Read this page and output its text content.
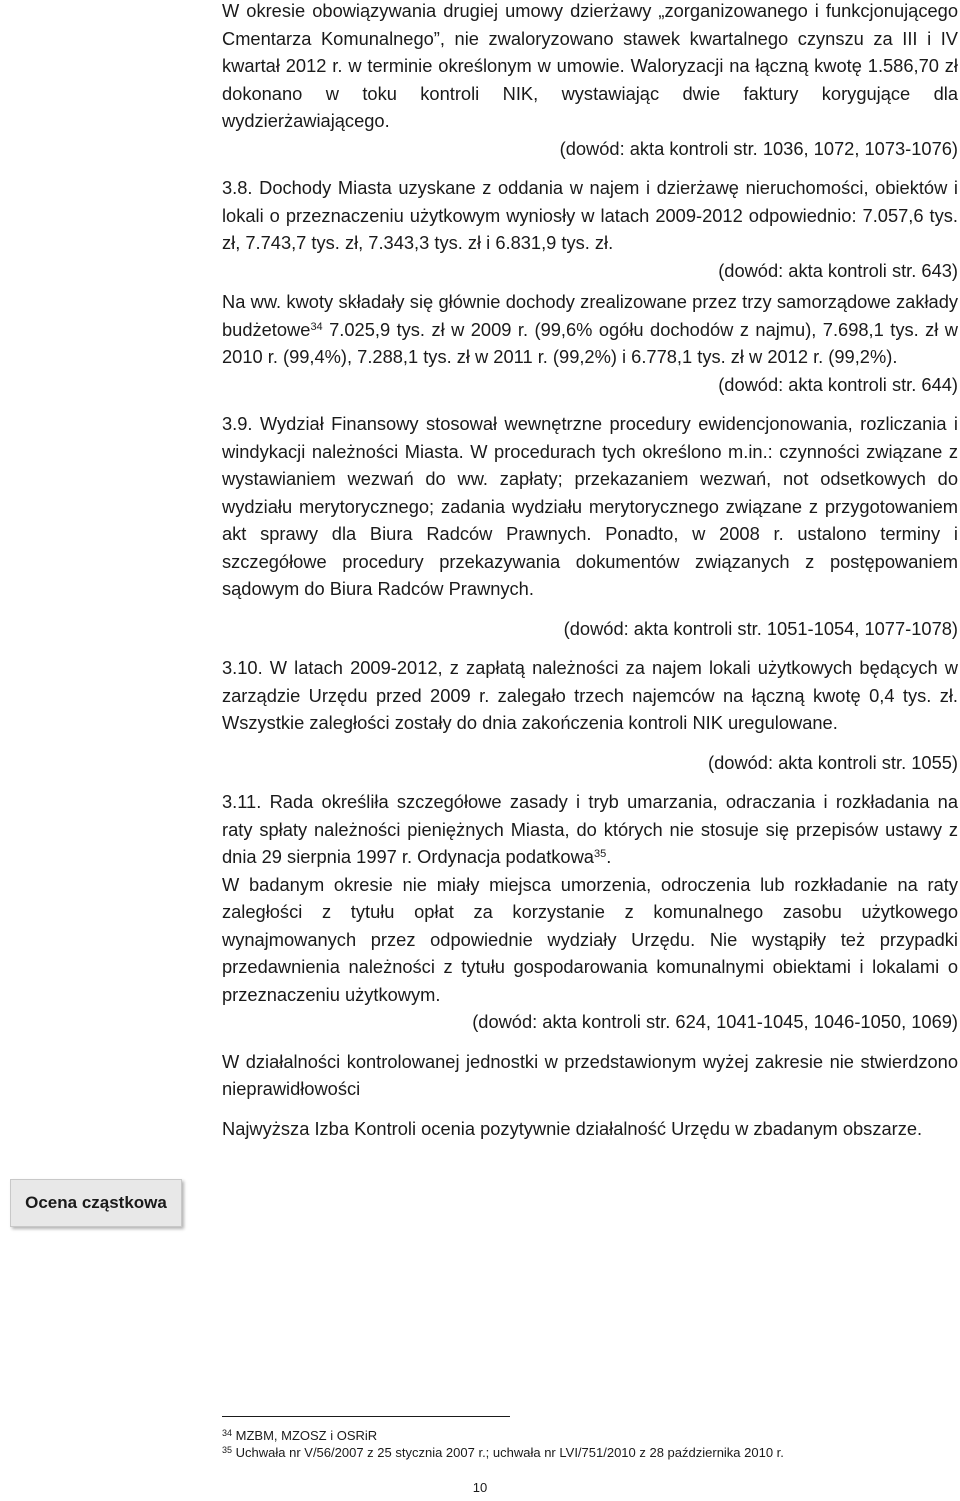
W okresie obowiązywania drugiej umowy dzierżawy „zorganizowanego i funkcjonującego Cmentarza Komunalnego”, nie zwaloryzowano stawek kwartalnego czynszu za III i IV kwartał 2012 r. w terminie określonym w umowie. Waloryzacji na łączną kwotę 1.586,70 zł dokonano w toku kontroli NIK, wystawiając dwie faktury korygujące dla wydzierżawiającego.

(dowód: akta kontroli str. 1036, 1072, 1073-1076)

3.8. Dochody Miasta uzyskane z oddania w najem i dzierżawę nieruchomości, obiektów i lokali o przeznaczeniu użytkowym wyniosły w latach 2009-2012 odpowiednio: 7.057,6 tys. zł, 7.743,7 tys. zł, 7.343,3 tys. zł i 6.831,9 tys. zł.

(dowód: akta kontroli str. 643)

Na ww. kwoty składały się głównie dochody zrealizowane przez trzy samorządowe zakłady budżetowe$^{34}$ 7.025,9 tys. zł w 2009 r. (99,6% ogółu dochodów z najmu), 7.698,1 tys. zł w 2010 r. (99,4%), 7.288,1 tys. zł w 2011 r. (99,2%) i 6.778,1 tys. zł w 2012 r. (99,2%).

(dowód: akta kontroli str. 644)

3.9. Wydział Finansowy stosował wewnętrzne procedury ewidencjonowania, rozliczania i windykacji należności Miasta. W procedurach tych określono m.in.: czynności związane z wystawianiem wezwań do ww. zapłaty; przekazaniem wezwań, not odsetkowych do wydziału merytorycznego; zadania wydziału merytorycznego związane z przygotowaniem akt sprawy dla Biura Radców Prawnych. Ponadto, w 2008 r. ustalono terminy i szczegółowe procedury przekazywania dokumentów związanych z postępowaniem sądowym do Biura Radców Prawnych.

(dowód: akta kontroli str. 1051-1054, 1077-1078)

3.10. W latach 2009-2012, z zapłatą należności za najem lokali użytkowych będących w zarządzie Urzędu przed 2009 r. zalegało trzech najemców na łączną kwotę 0,4 tys. zł. Wszystkie zaległości zostały do dnia zakończenia kontroli NIK uregulowane.

(dowód: akta kontroli str. 1055)

3.11. Rada określiła szczegółowe zasady i tryb umarzania, odraczania i rozkładania na raty spłaty należności pieniężnych Miasta, do których nie stosuje się przepisów ustawy z dnia 29 sierpnia 1997 r. Ordynacja podatkowa$^{35}$.

W badanym okresie nie miały miejsca umorzenia, odroczenia lub rozkładanie na raty zaległości z tytułu opłat za korzystanie z komunalnego zasobu użytkowego wynajmowanych przez odpowiednie wydziały Urzędu. Nie wystąpiły też przypadki przedawnienia należności z tytułu gospodarowania komunalnymi obiektami i lokalami o przeznaczeniu użytkowym.

(dowód: akta kontroli str. 624, 1041-1045, 1046-1050, 1069)

W działalności kontrolowanej jednostki w przedstawionym wyżej zakresie nie stwierdzono nieprawidłowości

Najwyższa Izba Kontroli ocenia pozytywnie działalność Urzędu w zbadanym obszarze.

Ocena cząstkowa
$^{34}$ MZBM, MZOSZ i OSRiR
$^{35}$ Uchwała nr V/56/2007 z 25 stycznia 2007 r.; uchwała nr LVI/751/2010 z 28 października 2010 r.
10
